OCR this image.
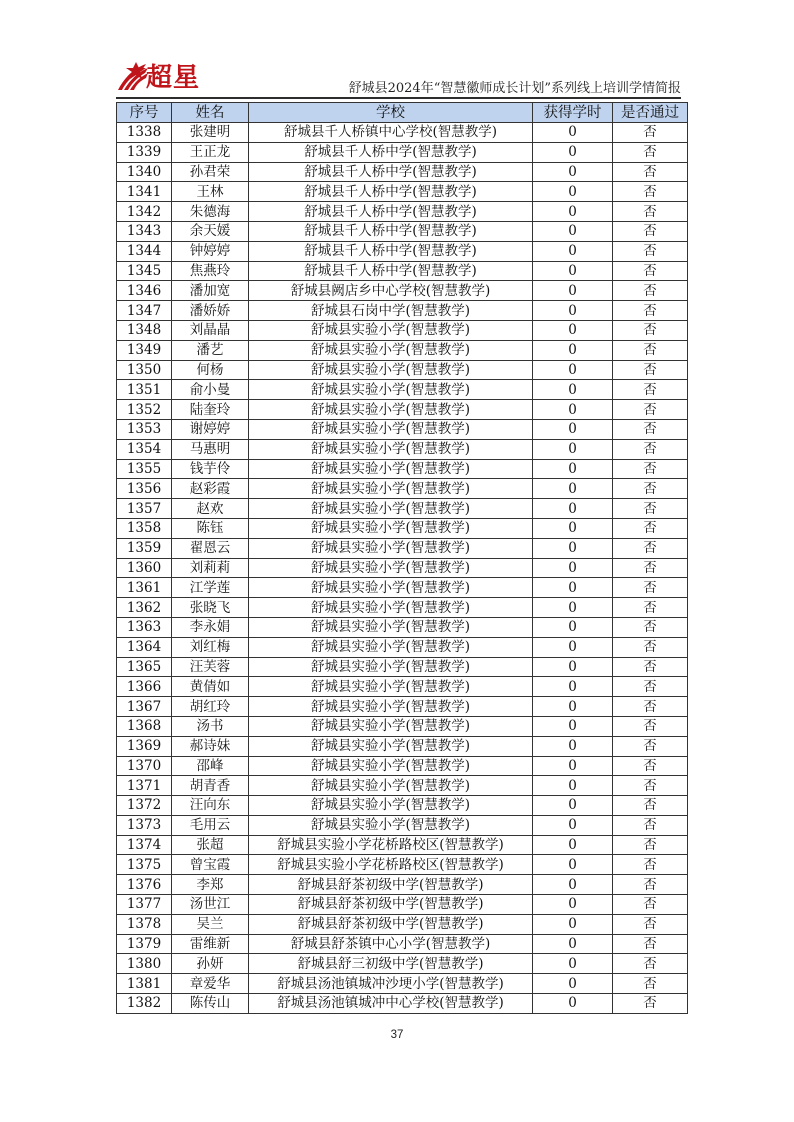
超星	舒城县2024年“智慧徽师成长计划”系列线上培训学情简报
序号	姓名	学校	获得学时	是否通过
1338	张建明	舒城县千人桥镇中心学校(智慧教学)	0	否
1339	王正龙	舒城县千人桥中学(智慧教学)	0	否
1340	孙君荣	舒城县千人桥中学(智慧教学)	0	否
1341	王林	舒城县千人桥中学(智慧教学)	0	否
1342	朱德海	舒城县千人桥中学(智慧教学)	0	否
1343	余天媛	舒城县千人桥中学(智慧教学)	0	否
1344	钟婷婷	舒城县千人桥中学(智慧教学)	0	否
1345	焦燕玲	舒城县千人桥中学(智慧教学)	0	否
1346	潘加宽	舒城县阙店乡中心学校(智慧教学)	0	否
1347	潘娇娇	舒城县石岗中学(智慧教学)	0	否
1348	刘晶晶	舒城县实验小学(智慧教学)	0	否
1349	潘艺	舒城县实验小学(智慧教学)	0	否
1350	何杨	舒城县实验小学(智慧教学)	0	否
1351	俞小曼	舒城县实验小学(智慧教学)	0	否
1352	陆奎玲	舒城县实验小学(智慧教学)	0	否
1353	谢婷婷	舒城县实验小学(智慧教学)	0	否
1354	马惠明	舒城县实验小学(智慧教学)	0	否
1355	钱芋伶	舒城县实验小学(智慧教学)	0	否
1356	赵彩霞	舒城县实验小学(智慧教学)	0	否
1357	赵欢	舒城县实验小学(智慧教学)	0	否
1358	陈钰	舒城县实验小学(智慧教学)	0	否
1359	翟恩云	舒城县实验小学(智慧教学)	0	否
1360	刘莉莉	舒城县实验小学(智慧教学)	0	否
1361	江学莲	舒城县实验小学(智慧教学)	0	否
1362	张晓飞	舒城县实验小学(智慧教学)	0	否
1363	李永娟	舒城县实验小学(智慧教学)	0	否
1364	刘红梅	舒城县实验小学(智慧教学)	0	否
1365	汪芙蓉	舒城县实验小学(智慧教学)	0	否
1366	黄倩如	舒城县实验小学(智慧教学)	0	否
1367	胡红玲	舒城县实验小学(智慧教学)	0	否
1368	汤书	舒城县实验小学(智慧教学)	0	否
1369	郝诗妹	舒城县实验小学(智慧教学)	0	否
1370	邵峰	舒城县实验小学(智慧教学)	0	否
1371	胡青香	舒城县实验小学(智慧教学)	0	否
1372	汪向东	舒城县实验小学(智慧教学)	0	否
1373	毛用云	舒城县实验小学(智慧教学)	0	否
1374	张超	舒城县实验小学花桥路校区(智慧教学)	0	否
1375	曾宝霞	舒城县实验小学花桥路校区(智慧教学)	0	否
1376	李郑	舒城县舒茶初级中学(智慧教学)	0	否
1377	汤世江	舒城县舒茶初级中学(智慧教学)	0	否
1378	吴兰	舒城县舒茶初级中学(智慧教学)	0	否
1379	雷维新	舒城县舒茶镇中心小学(智慧教学)	0	否
1380	孙妍	舒城县舒三初级中学(智慧教学)	0	否
1381	章爱华	舒城县汤池镇城冲沙埂小学(智慧教学)	0	否
1382	陈传山	舒城县汤池镇城冲中心学校(智慧教学)	0	否
37
